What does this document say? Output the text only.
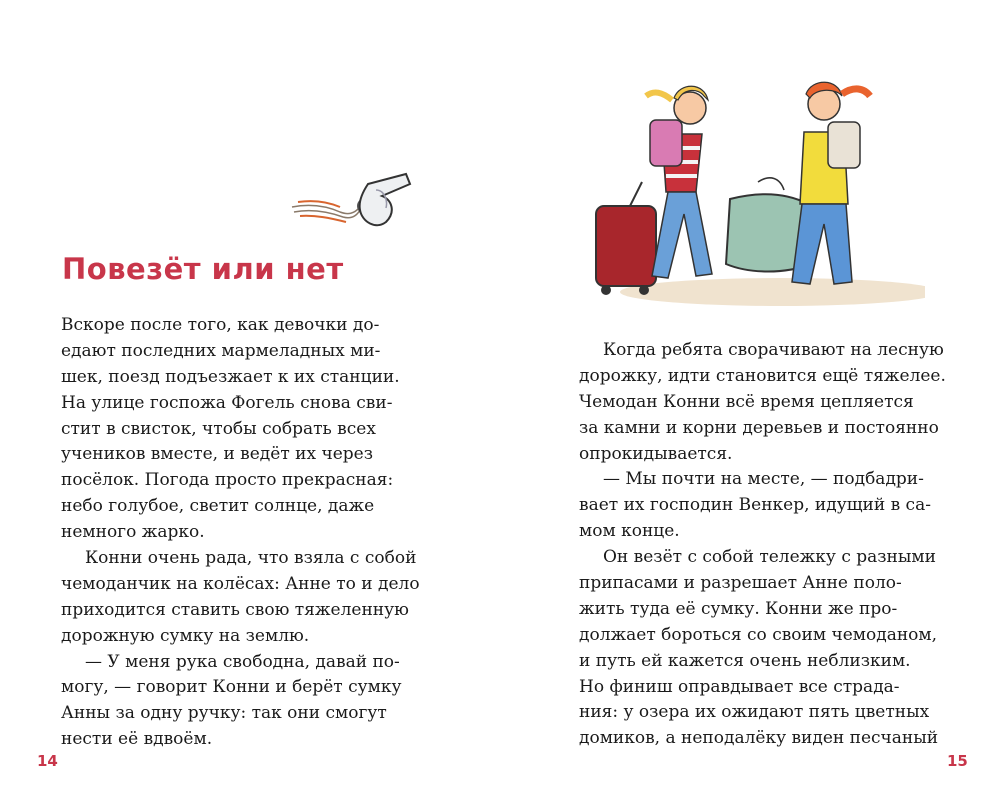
Повезёт или нет
Вскоре после того, как девочки до-
едают последних мармеладных ми-
шек, поезд подъезжает к их станции.
На улице госпожа Фогель снова сви-
стит в свисток, чтобы собрать всех
учеников вместе, и ведёт их через
посёлок. Погода просто прекрасная:
небо голубое, светит солнце, даже
немного жарко.
Конни очень рада, что взяла с собой
чемоданчик на колёсах: Анне то и дело
приходится ставить свою тяжеленную
дорожную сумку на землю.
— У меня рука свободна, давай по-
могу, — говорит Конни и берёт сумку
Анны за одну ручку: так они смогут
нести её вдвоём.
14
Когда ребята сворачивают на лесную
дорожку, идти становится ещё тяжелее.
Чемодан Конни всё время цепляется
за камни и корни деревьев и постоянно
опрокидывается.
— Мы почти на месте, — подбадри-
вает их господин Венкер, идущий в са-
мом конце.
Он везёт с собой тележку с разными
припасами и разрешает Анне поло-
жить туда её сумку. Конни же про-
должает бороться со своим чемоданом,
и путь ей кажется очень неблизким.
Но финиш оправдывает все страда-
ния: у озера их ожидают пять цветных
домиков, а неподалёку виден песчаный
15
